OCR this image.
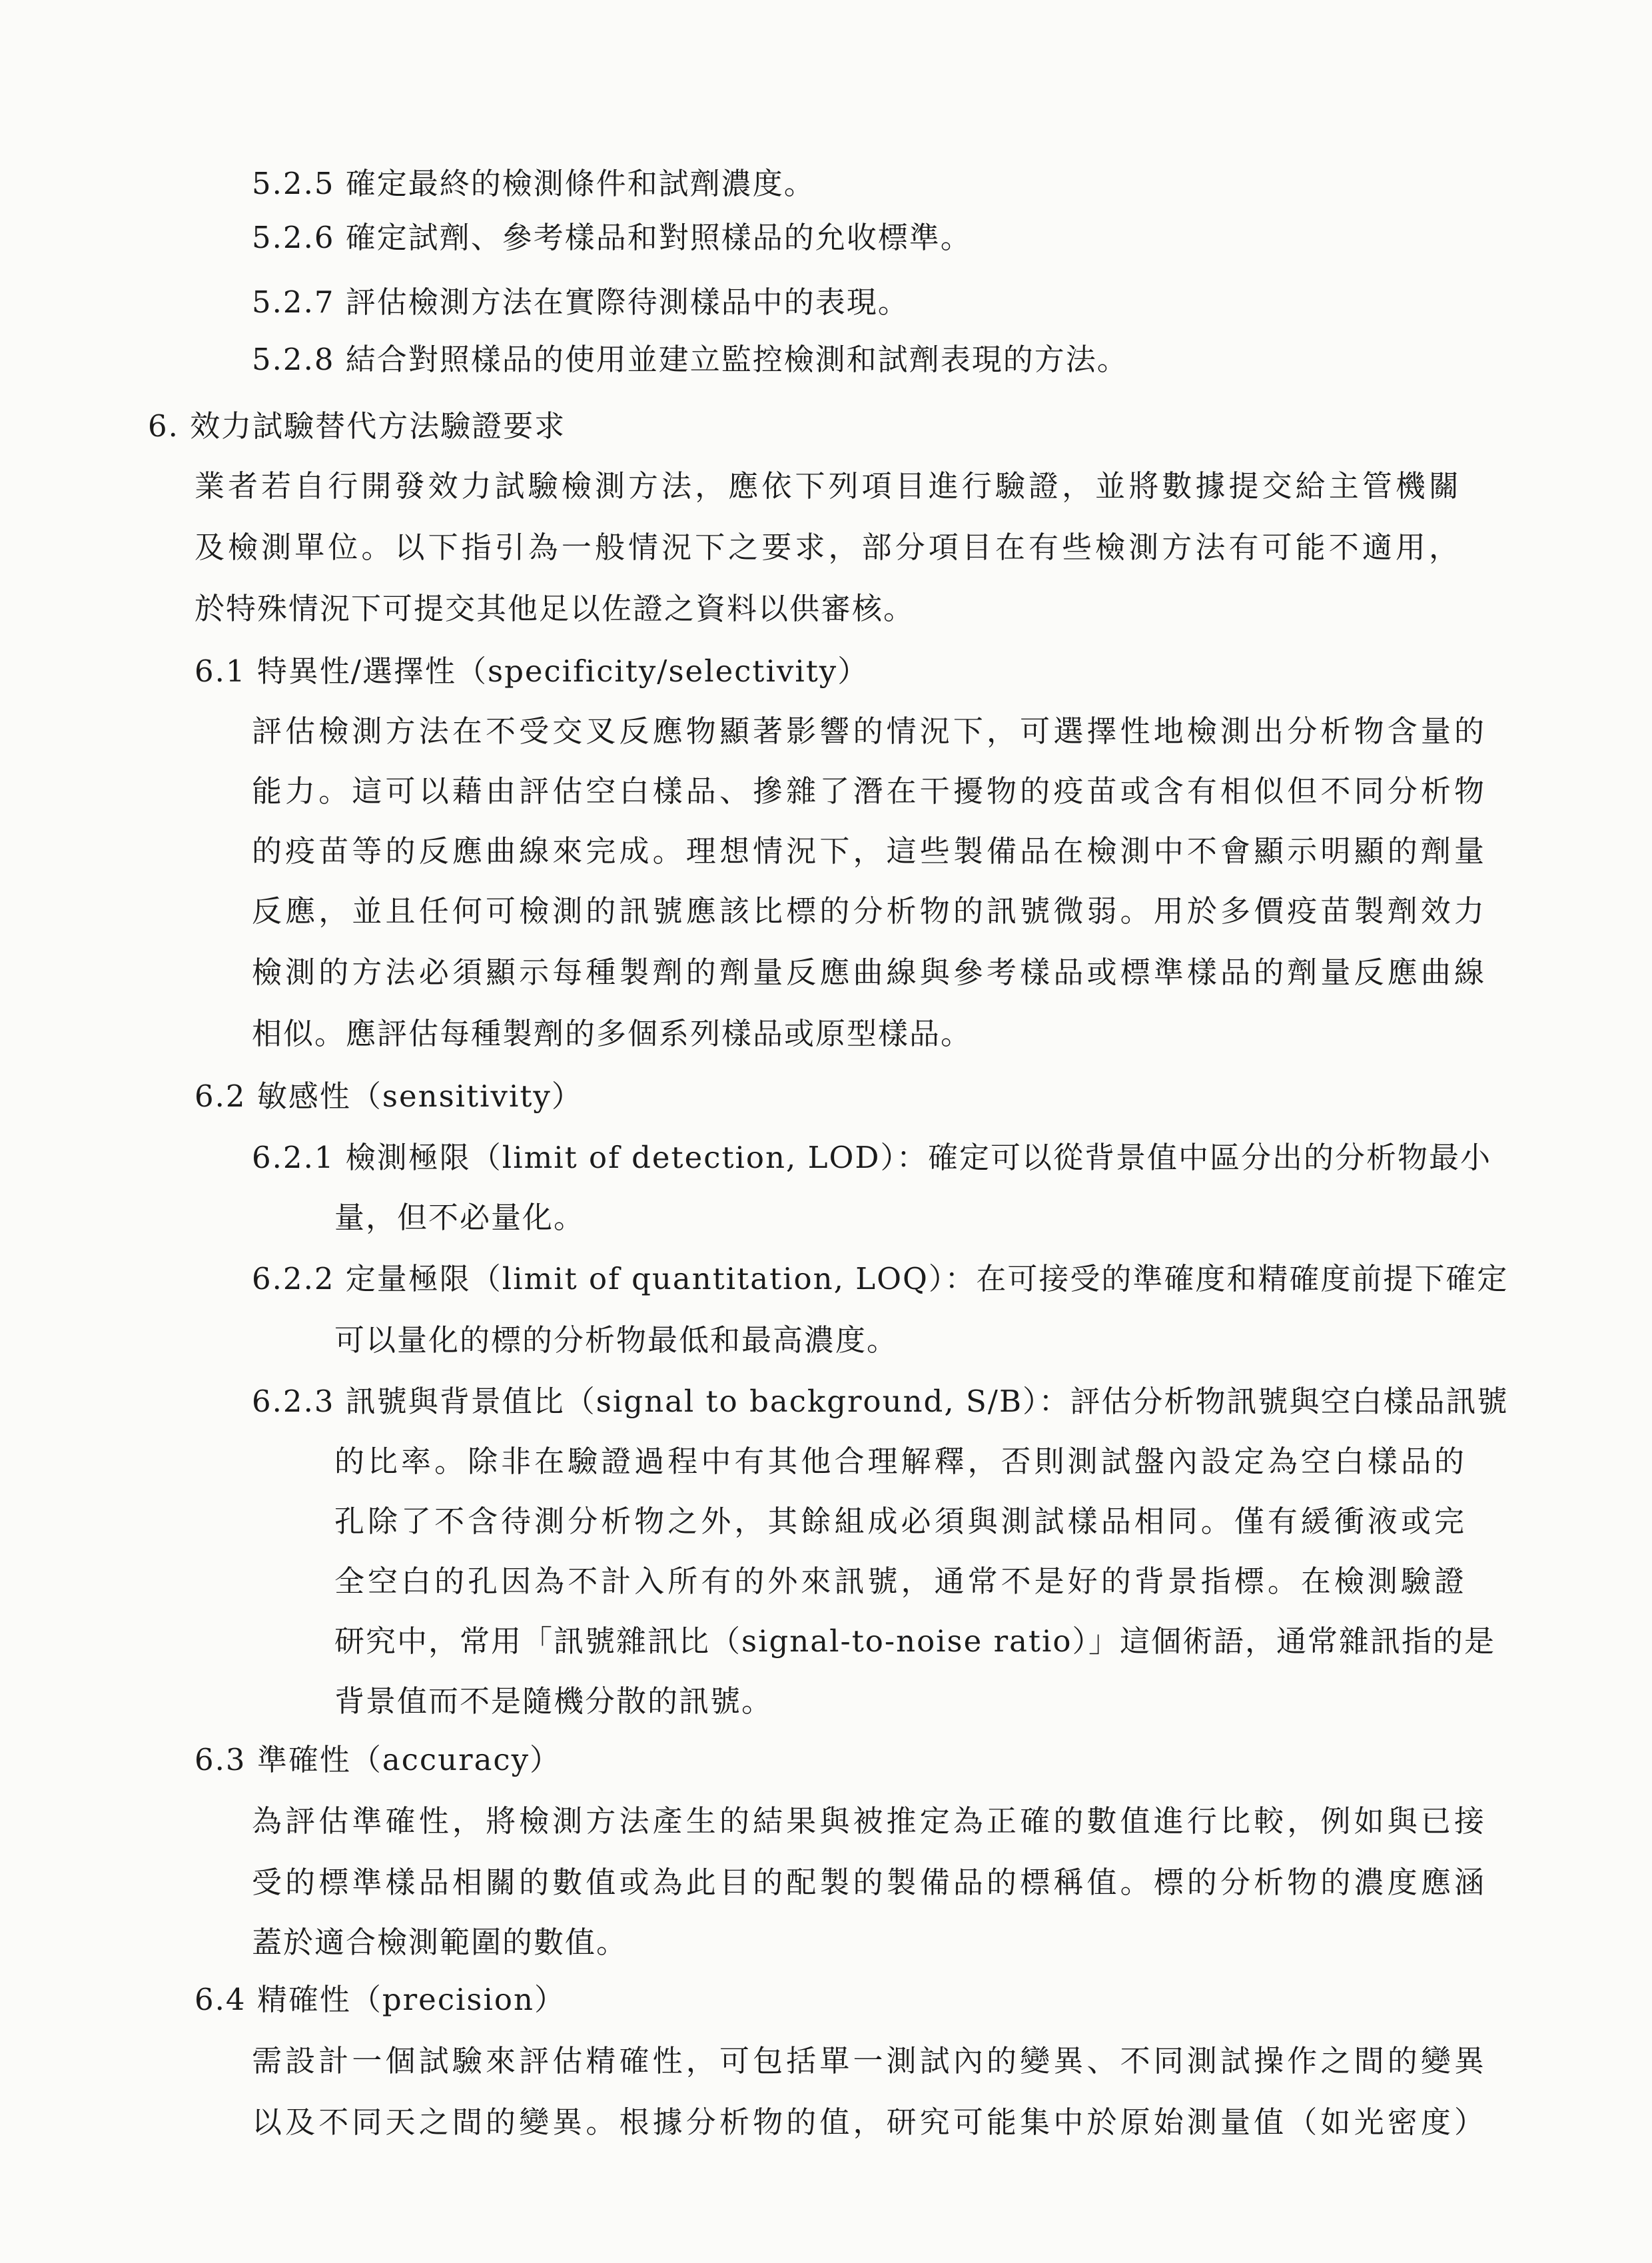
5.2.5 確定最終的檢測條件和試劑濃度。
5.2.6 確定試劑、參考樣品和對照樣品的允收標準。
5.2.7 評估檢測方法在實際待測樣品中的表現。
5.2.8 結合對照樣品的使用並建立監控檢測和試劑表現的方法。
6. 效力試驗替代方法驗證要求
業者若自行開發效力試驗檢測方法，應依下列項目進行驗證，並將數據提交給主管機關
及檢測單位。以下指引為一般情況下之要求，部分項目在有些檢測方法有可能不適用，
於特殊情況下可提交其他足以佐證之資料以供審核。
6.1 特異性/選擇性（specificity/selectivity）
評估檢測方法在不受交叉反應物顯著影響的情況下，可選擇性地檢測出分析物含量的
能力。這可以藉由評估空白樣品、摻雜了潛在干擾物的疫苗或含有相似但不同分析物
的疫苗等的反應曲線來完成。理想情況下，這些製備品在檢測中不會顯示明顯的劑量
反應，並且任何可檢測的訊號應該比標的分析物的訊號微弱。用於多價疫苗製劑效力
檢測的方法必須顯示每種製劑的劑量反應曲線與參考樣品或標準樣品的劑量反應曲線
相似。應評估每種製劑的多個系列樣品或原型樣品。
6.2 敏感性（sensitivity）
6.2.1 檢測極限（limit of detection, LOD）：確定可以從背景值中區分出的分析物最小
量，但不必量化。
6.2.2 定量極限（limit of quantitation, LOQ）：在可接受的準確度和精確度前提下確定
可以量化的標的分析物最低和最高濃度。
6.2.3 訊號與背景值比（signal to background, S/B）：評估分析物訊號與空白樣品訊號
的比率。除非在驗證過程中有其他合理解釋，否則測試盤內設定為空白樣品的
孔除了不含待測分析物之外，其餘組成必須與測試樣品相同。僅有緩衝液或完
全空白的孔因為不計入所有的外來訊號，通常不是好的背景指標。在檢測驗證
研究中，常用「訊號雜訊比（signal-to-noise ratio）」這個術語，通常雜訊指的是
背景值而不是隨機分散的訊號。
6.3 準確性（accuracy）
為評估準確性，將檢測方法產生的結果與被推定為正確的數值進行比較，例如與已接
受的標準樣品相關的數值或為此目的配製的製備品的標稱值。標的分析物的濃度應涵
蓋於適合檢測範圍的數值。
6.4 精確性（precision）
需設計一個試驗來評估精確性，可包括單一測試內的變異、不同測試操作之間的變異
以及不同天之間的變異。根據分析物的值，研究可能集中於原始測量值（如光密度）
